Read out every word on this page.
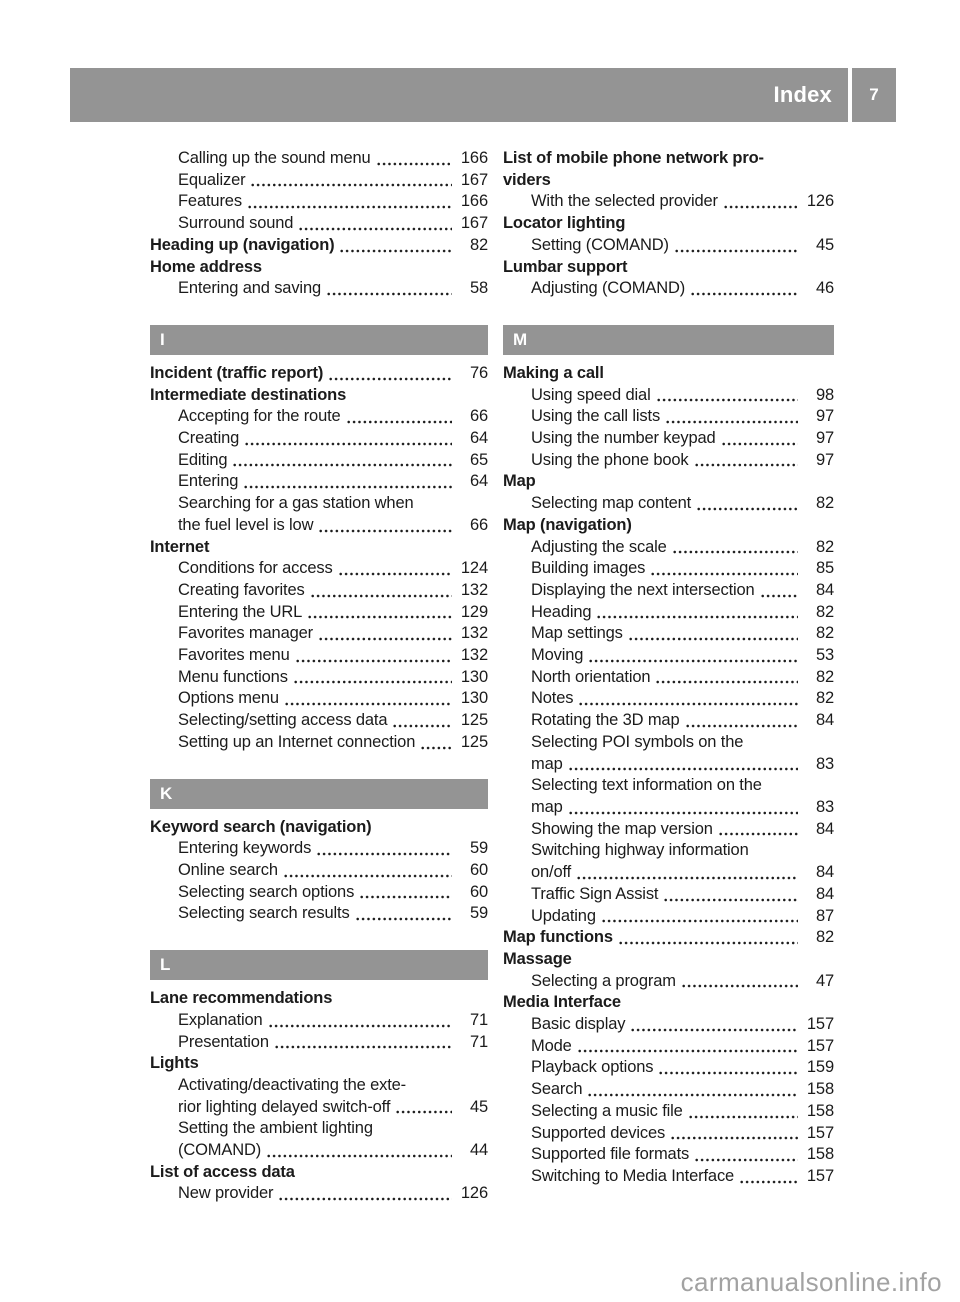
Index 7
Calling up the sound menu	166
Equalizer	167
Features	166
Surround sound	167
Heading up (navigation)	82
Home address
Entering and saving	58
I
Incident (traffic report)	76
Intermediate destinations
Accepting for the route	66
Creating	64
Editing	65
Entering	64
Searching for a gas station when
the fuel level is low	66
Internet
Conditions for access	124
Creating favorites	132
Entering the URL	129
Favorites manager	132
Favorites menu	132
Menu functions	130
Options menu	130
Selecting/setting access data	125
Setting up an Internet connection	125
K
Keyword search (navigation)
Entering keywords	59
Online search	60
Selecting search options	60
Selecting search results	59
L
Lane recommendations
Explanation	71
Presentation	71
Lights
Activating/deactivating the exte-
rior lighting delayed switch-off	45
Setting the ambient lighting
(COMAND)	44
List of access data
New provider	126
List of mobile phone network pro-
viders
With the selected provider	126
Locator lighting
Setting (COMAND)	45
Lumbar support
Adjusting (COMAND)	46
M
Making a call
Using speed dial	98
Using the call lists	97
Using the number keypad	97
Using the phone book	97
Map
Selecting map content	82
Map (navigation)
Adjusting the scale	82
Building images	85
Displaying the next intersection	84
Heading	82
Map settings	82
Moving	53
North orientation	82
Notes	82
Rotating the 3D map	84
Selecting POI symbols on the
map	83
Selecting text information on the
map	83
Showing the map version	84
Switching highway information
on/off	84
Traffic Sign Assist	84
Updating	87
Map functions	82
Massage
Selecting a program	47
Media Interface
Basic display	157
Mode	157
Playback options	159
Search	158
Selecting a music file	158
Supported devices	157
Supported file formats	158
Switching to Media Interface	157
carmanualsonline.info
